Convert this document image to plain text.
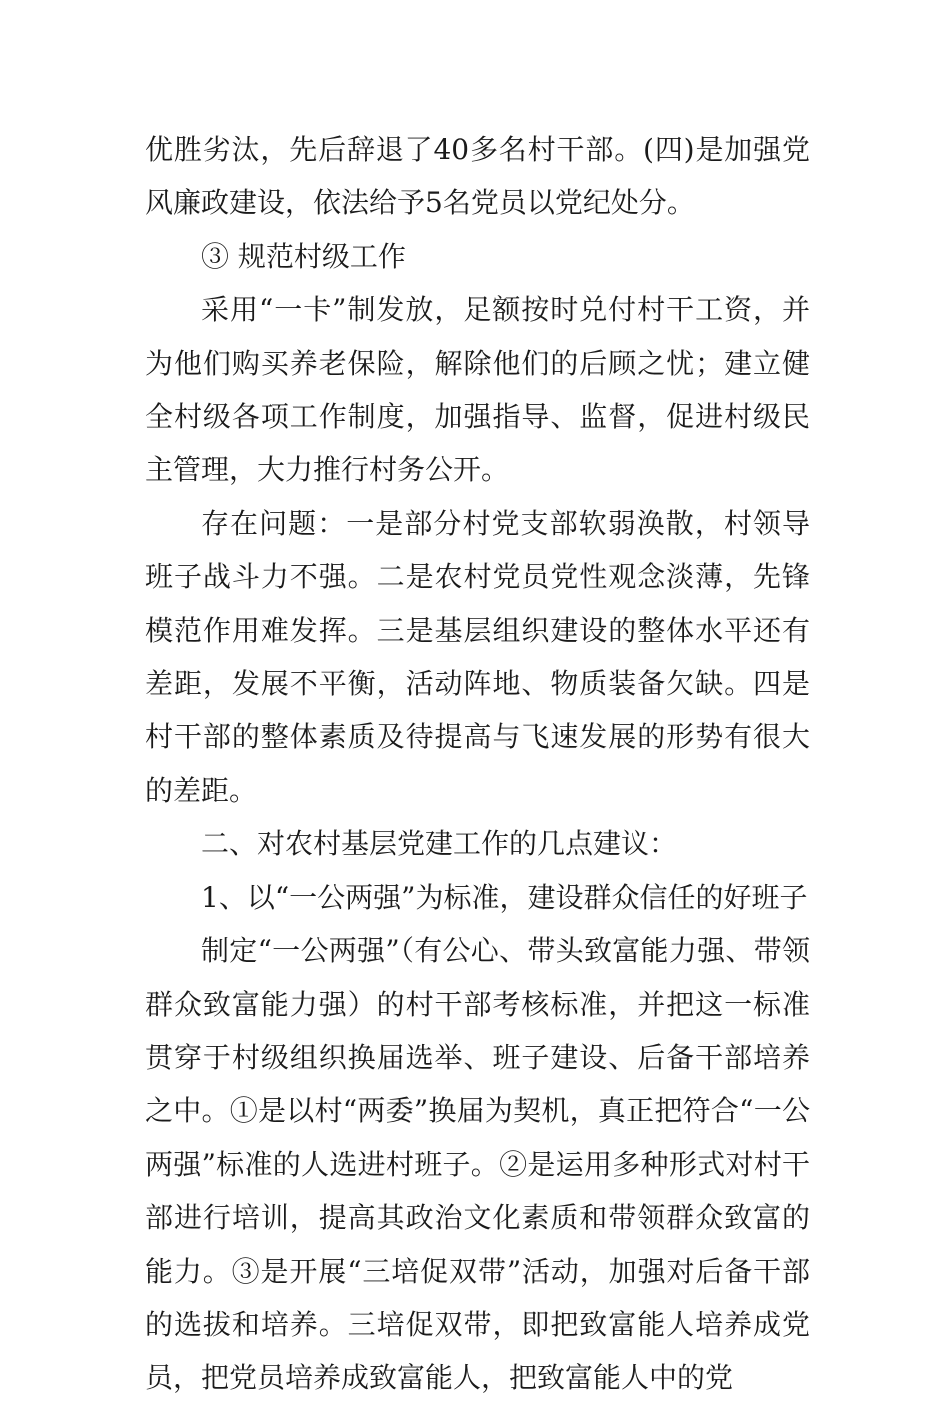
优胜劣汰，先后辞退了40多名村干部。(四)是加强党风廉政建设，依法给予5名党员以党纪处分。

③ 规范村级工作

采用“一卡”制发放，足额按时兑付村干工资，并为他们购买养老保险，解除他们的后顾之忧；建立健全村级各项工作制度，加强指导、监督，促进村级民主管理，大力推行村务公开。

存在问题：一是部分村党支部软弱涣散，村领导班子战斗力不强。二是农村党员党性观念淡薄，先锋模范作用难发挥。三是基层组织建设的整体水平还有差距，发展不平衡，活动阵地、物质装备欠缺。四是村干部的整体素质及待提高与飞速发展的形势有很大的差距。

二、对农村基层党建工作的几点建议：

1、以“一公两强”为标准，建设群众信任的好班子

制定“一公两强”（有公心、带头致富能力强、带领群众致富能力强）的村干部考核标准，并把这一标准贯穿于村级组织换届选举、班子建设、后备干部培养之中。①是以村“两委”换届为契机，真正把符合“一公两强”标准的人选进村班子。②是运用多种形式对村干部进行培训，提高其政治文化素质和带领群众致富的能力。③是开展“三培促双带”活动，加强对后备干部的选拔和培养。三培促双带，即把致富能人培养成党员，把党员培养成致富能人，把致富能人中的党
